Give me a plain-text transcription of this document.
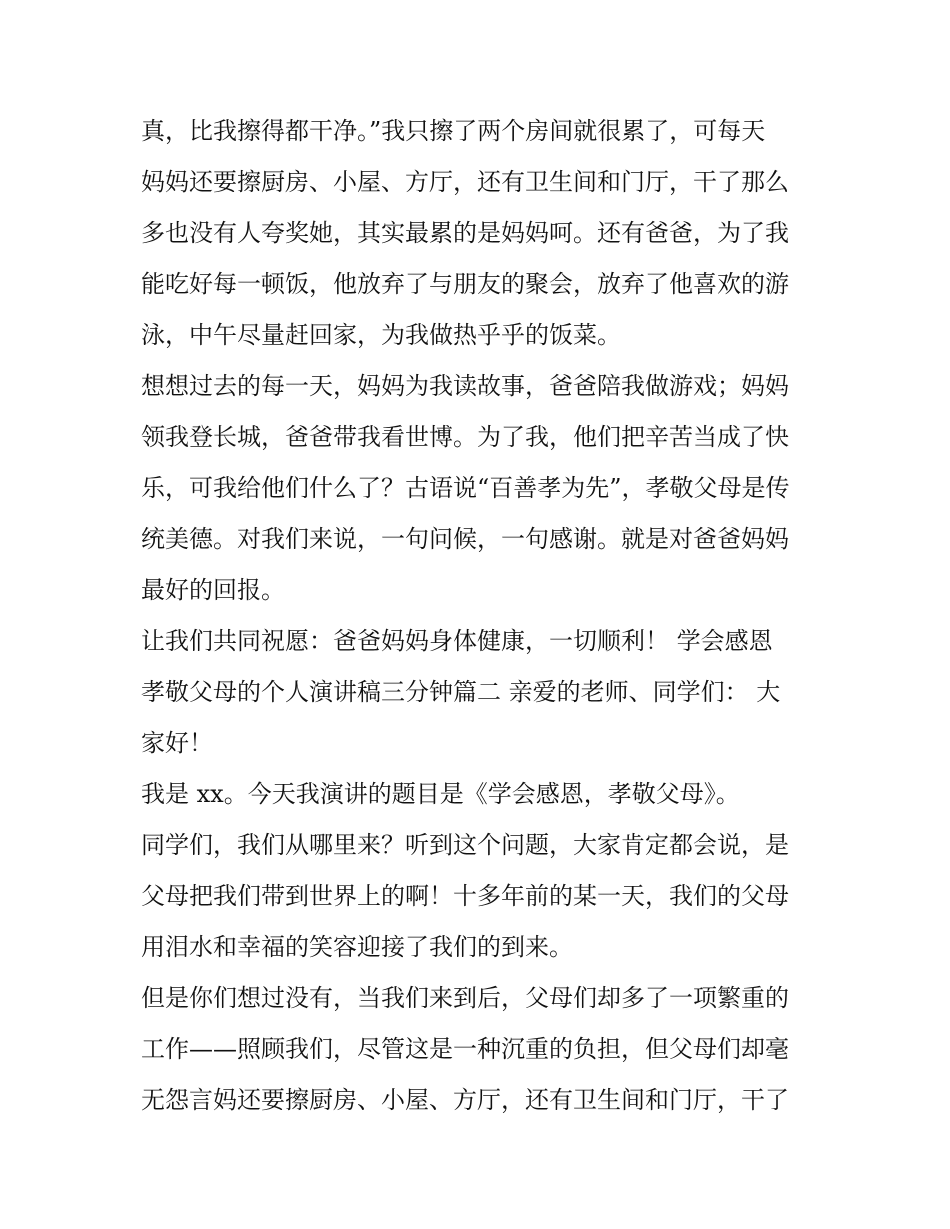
真，比我擦得都干净。”我只擦了两个房间就很累了，可每天
妈妈还要擦厨房、小屋、方厅，还有卫生间和门厅，干了那么
多也没有人夸奖她，其实最累的是妈妈呵。还有爸爸，为了我
能吃好每一顿饭，他放弃了与朋友的聚会，放弃了他喜欢的游
泳，中午尽量赶回家，为我做热乎乎的饭菜。
想想过去的每一天，妈妈为我读故事，爸爸陪我做游戏；妈妈
领我登长城，爸爸带我看世博。为了我，他们把辛苦当成了快
乐，可我给他们什么了？古语说“百善孝为先”，孝敬父母是传
统美德。对我们来说，一句问候，一句感谢。就是对爸爸妈妈
最好的回报。
让我们共同祝愿：爸爸妈妈身体健康，一切顺利！ 学会感恩
孝敬父母的个人演讲稿三分钟篇二 亲爱的老师、同学们： 大
家好！
我是 xx。今天我演讲的题目是《学会感恩，孝敬父母》。
同学们，我们从哪里来？听到这个问题，大家肯定都会说，是
父母把我们带到世界上的啊！十多年前的某一天，我们的父母
用泪水和幸福的笑容迎接了我们的到来。
但是你们想过没有，当我们来到后，父母们却多了一项繁重的
工作——照顾我们，尽管这是一种沉重的负担，但父母们却毫
无怨言妈还要擦厨房、小屋、方厅，还有卫生间和门厅，干了
